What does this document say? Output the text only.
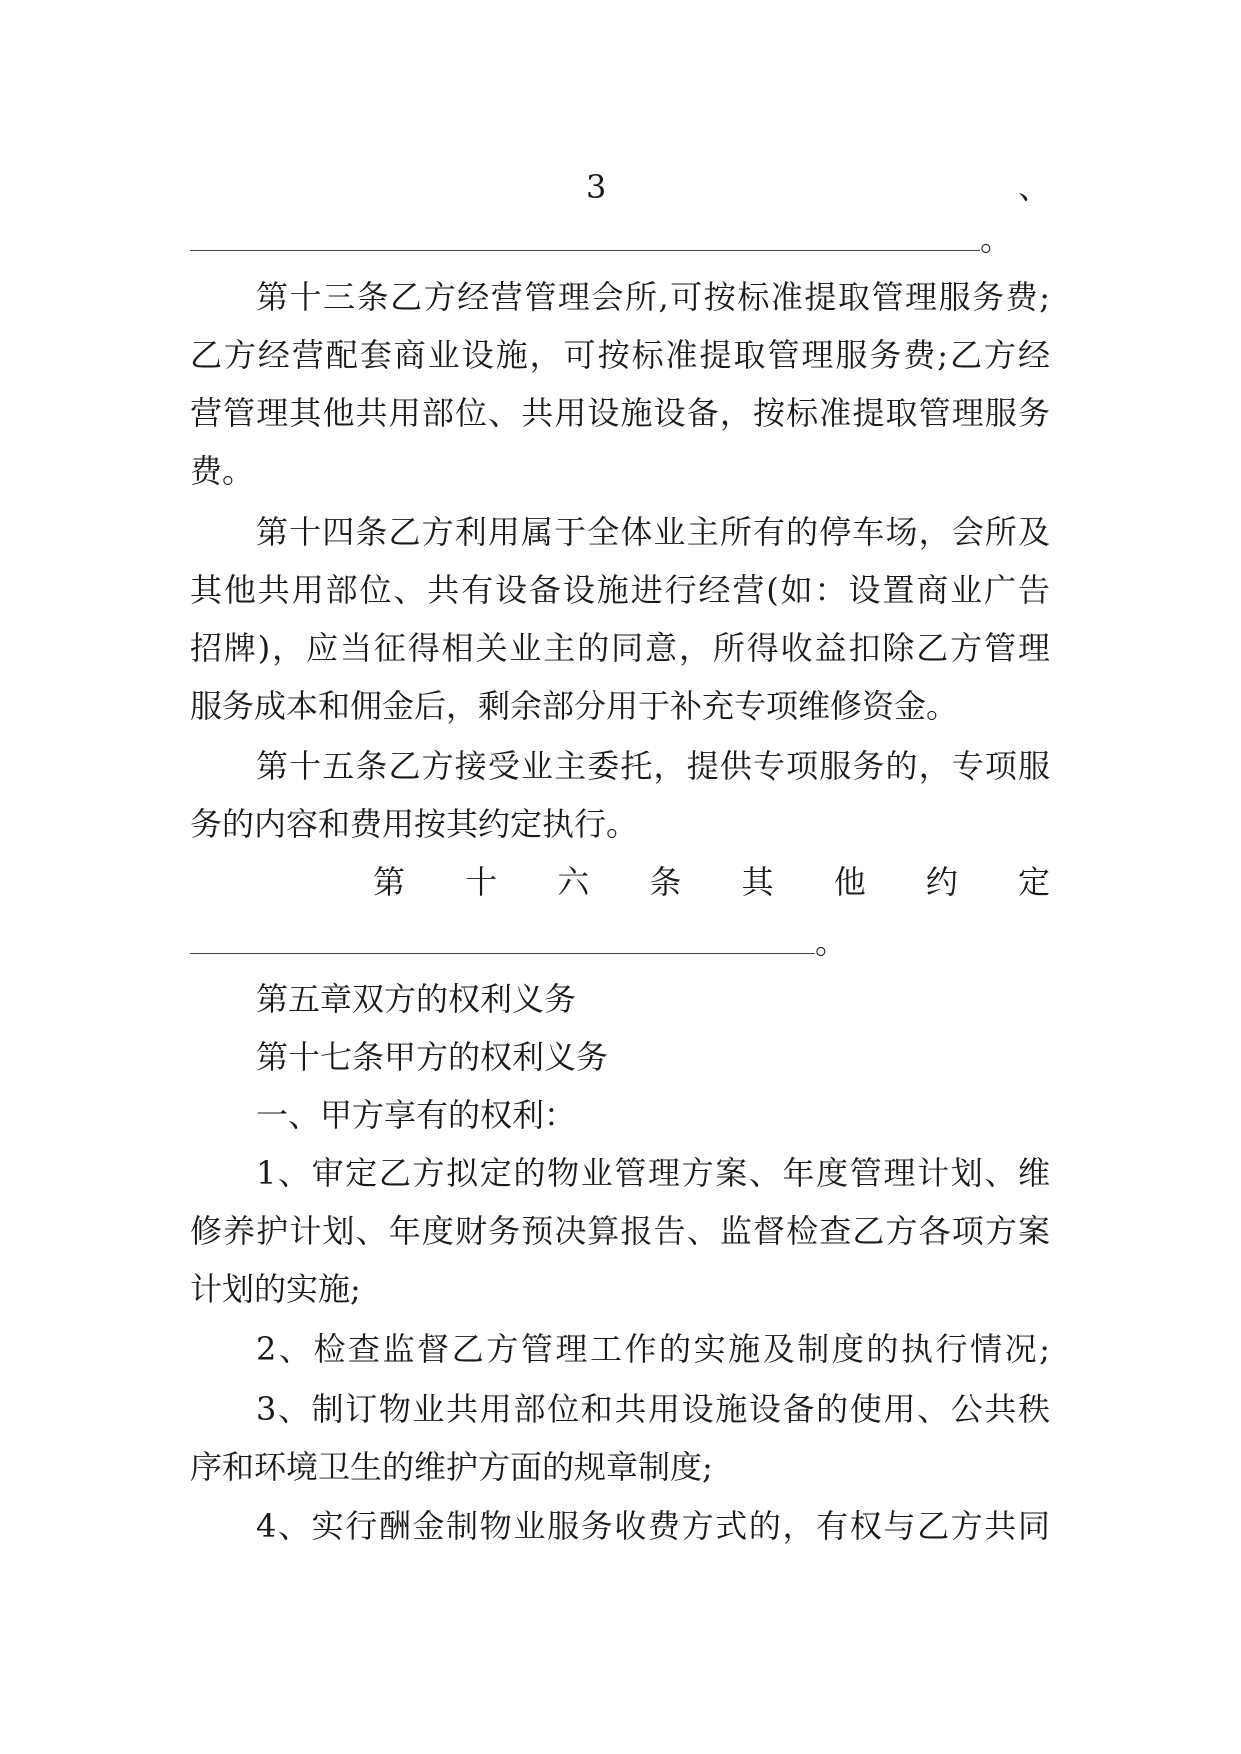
3	、
。
第十三条乙方经营管理会所,可按标准提取管理服务费;
乙方经营配套商业设施，可按标准提取管理服务费;乙方经
营管理其他共用部位、共用设施设备，按标准提取管理服务
费。
第十四条乙方利用属于全体业主所有的停车场，会所及
其他共用部位、共有设备设施进行经营(如：设置商业广告
招牌)，应当征得相关业主的同意，所得收益扣除乙方管理
服务成本和佣金后，剩余部分用于补充专项维修资金。
第十五条乙方接受业主委托，提供专项服务的，专项服
务的内容和费用按其约定执行。
第 十 六 条 其 他 约 定
。
第五章双方的权利义务
第十七条甲方的权利义务
一、甲方享有的权利：
1、审定乙方拟定的物业管理方案、年度管理计划、维
修养护计划、年度财务预决算报告、监督检查乙方各项方案
计划的实施;
2、检查监督乙方管理工作的实施及制度的执行情况;
3、制订物业共用部位和共用设施设备的使用、公共秩
序和环境卫生的维护方面的规章制度;
4、实行酬金制物业服务收费方式的，有权与乙方共同
